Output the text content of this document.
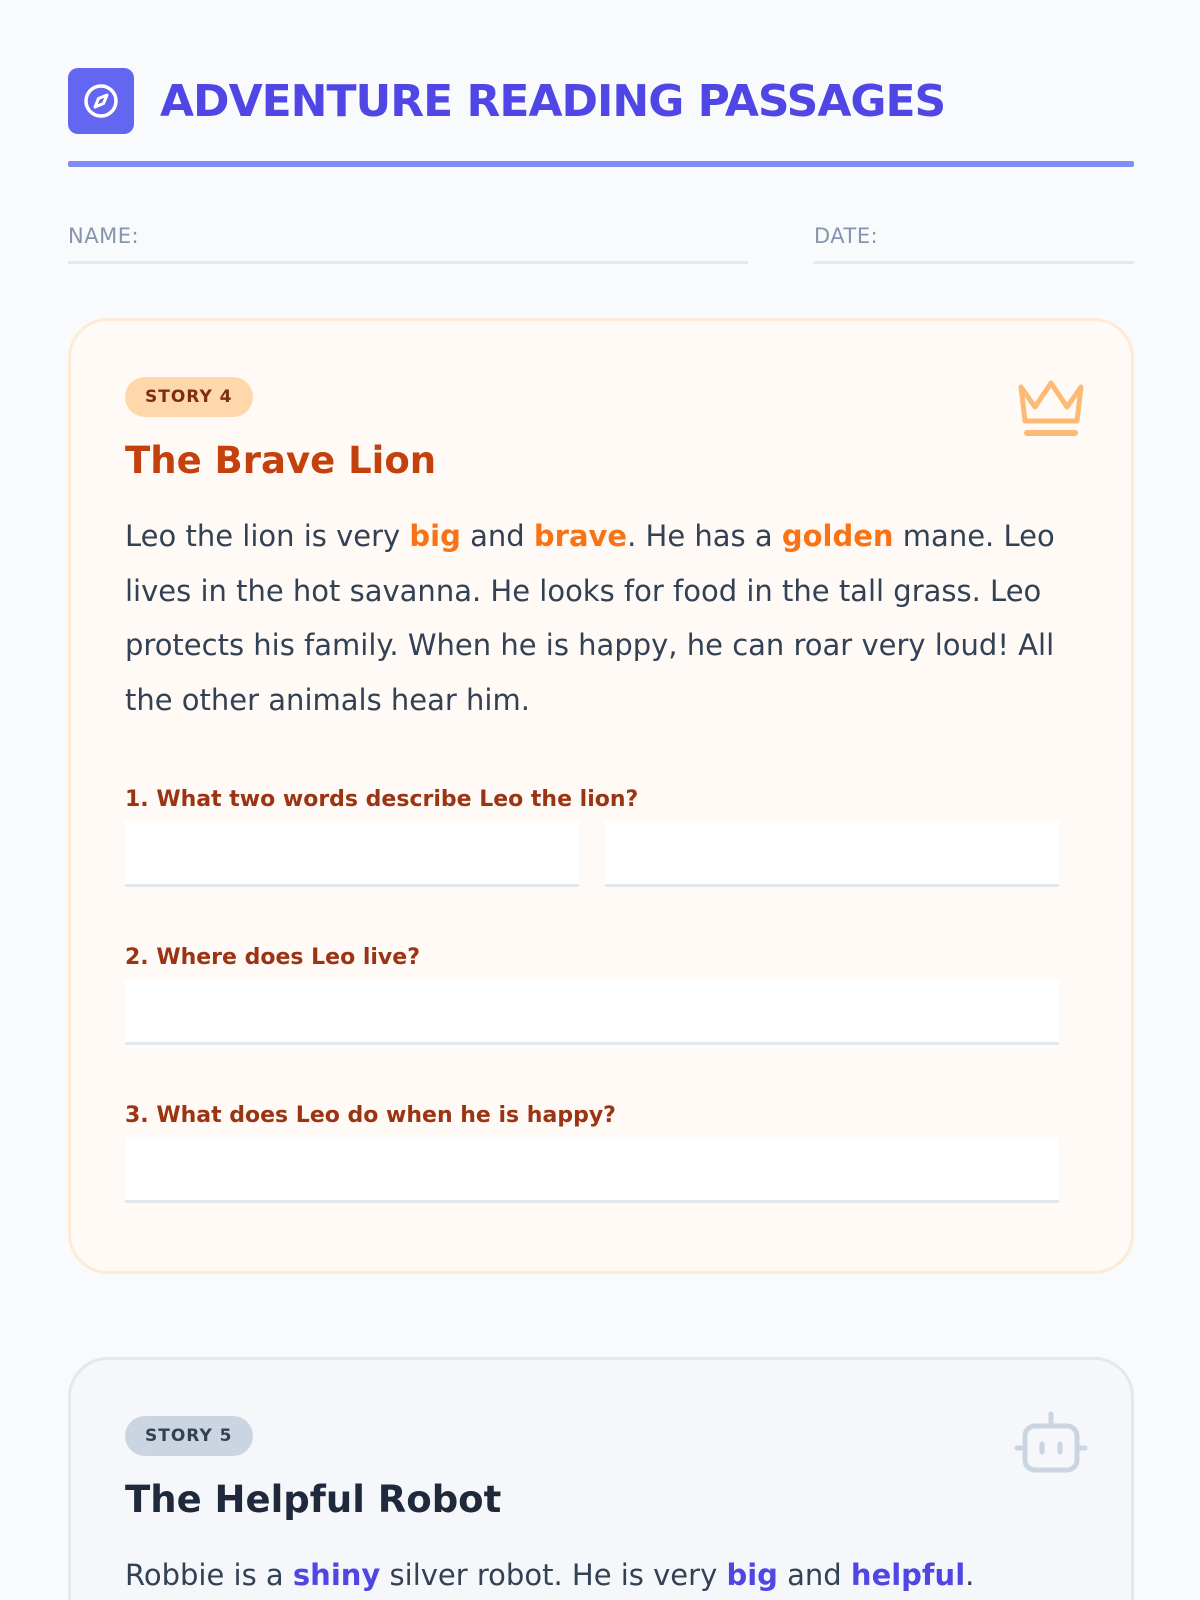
ADVENTURE READING PASSAGES
NAME:	DATE:
STORY 4
The Brave Lion
Leo the lion is very big and brave. He has a golden mane. Leo lives in the hot savanna. He looks for food in the tall grass. Leo protects his family. When he is happy, he can roar very loud! All the other animals hear him.
1. What two words describe Leo the lion?
2. Where does Leo live?
3. What does Leo do when he is happy?
STORY 5
The Helpful Robot
Robbie is a shiny silver robot. He is very big and helpful.
